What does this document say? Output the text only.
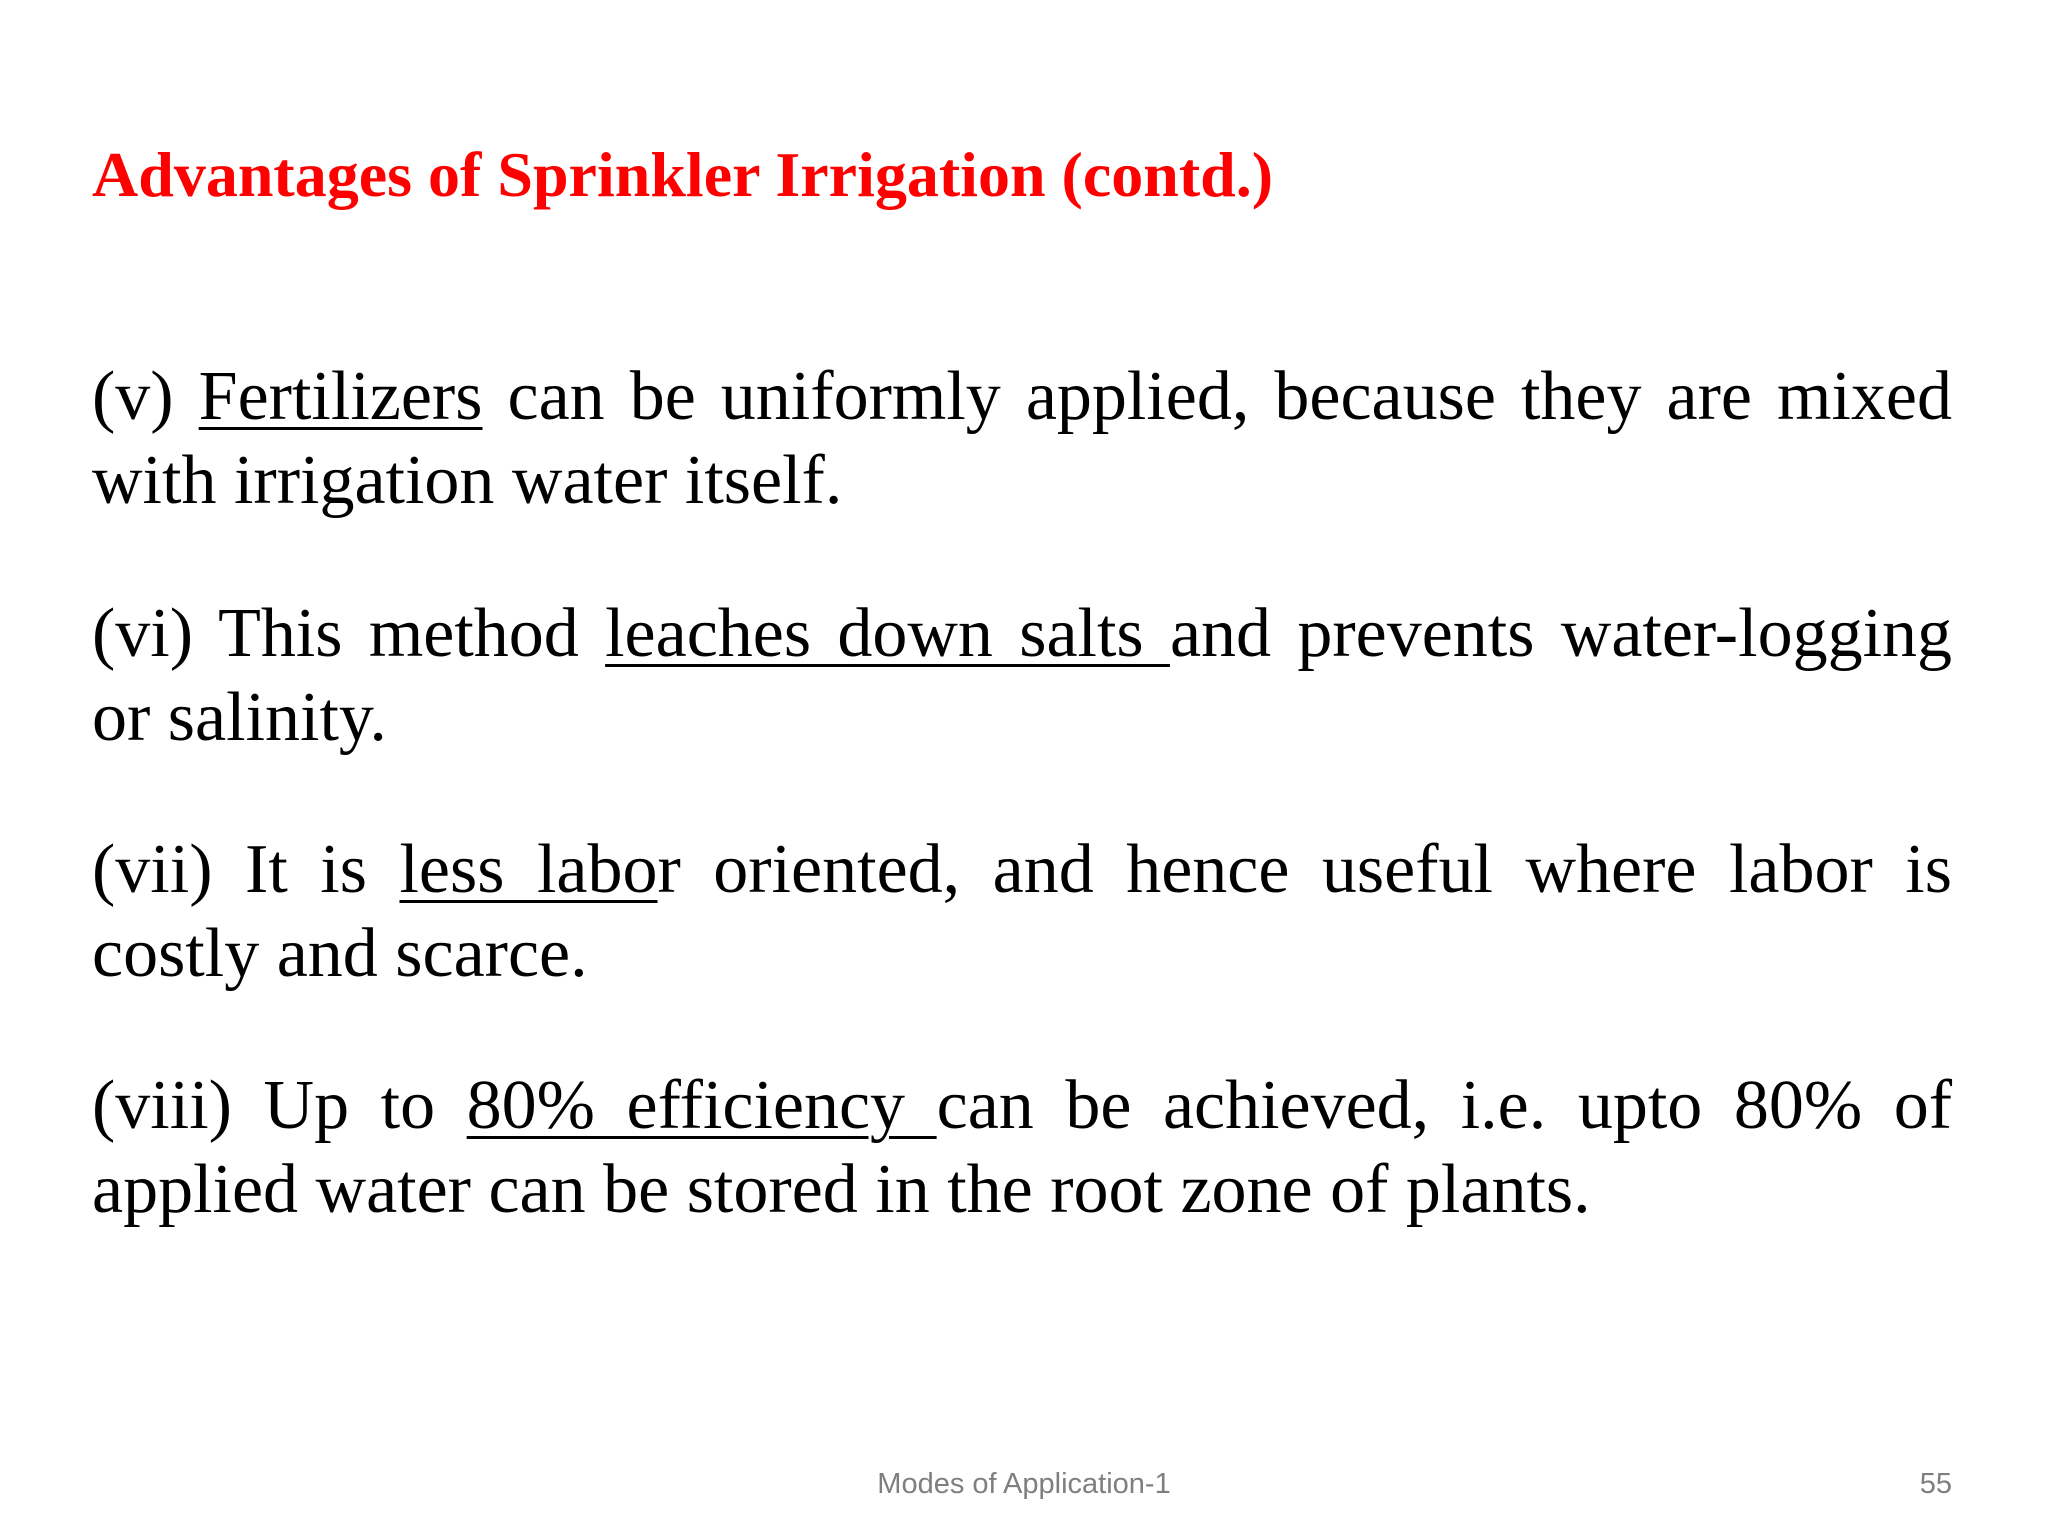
Advantages of Sprinkler Irrigation (contd.)

(v) Fertilizers can be uniformly applied, because they are mixed with irrigation water itself.

(vi) This method leaches down salts and prevents water-logging or salinity.

(vii) It is less labor oriented, and hence useful where labor is costly and scarce.

(viii) Up to 80% efficiency can be achieved, i.e. upto 80% of applied water can be stored in the root zone of plants.

Modes of Application-1	55
